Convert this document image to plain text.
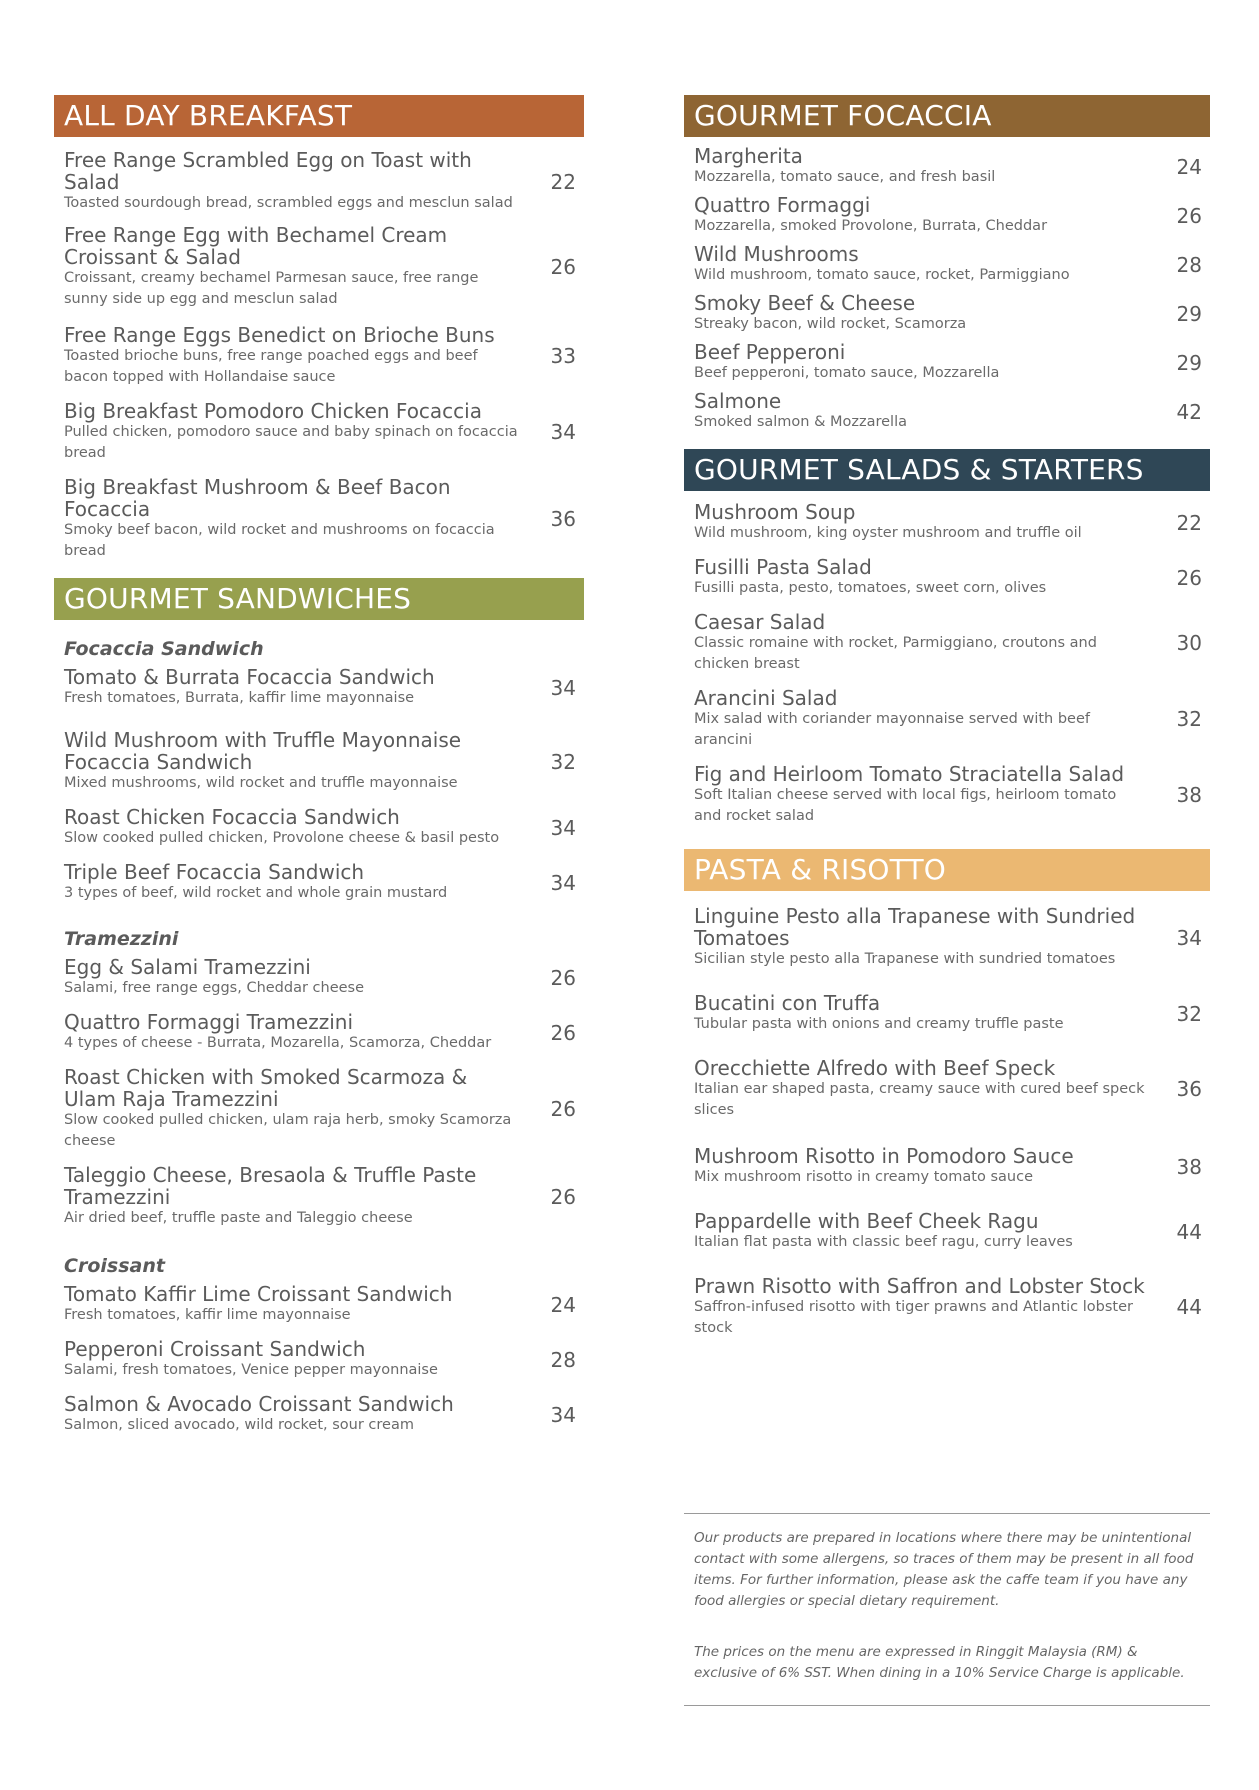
ALL DAY BREAKFAST
Free Range Scrambled Egg on Toast with Salad
Toasted sourdough bread, scrambled eggs and mesclun salad
22
Free Range Egg with Bechamel Cream Croissant & Salad
Croissant, creamy bechamel Parmesan sauce, free range sunny side up egg and mesclun salad
26
Free Range Eggs Benedict on Brioche Buns
Toasted brioche buns, free range poached eggs and beef bacon topped with Hollandaise sauce
33
Big Breakfast Pomodoro Chicken Focaccia
Pulled chicken, pomodoro sauce and baby spinach on focaccia bread
34
Big Breakfast Mushroom & Beef Bacon Focaccia
Smoky beef bacon, wild rocket and mushrooms on focaccia bread
36
GOURMET SANDWICHES
Focaccia Sandwich
Tomato & Burrata Focaccia Sandwich
Fresh tomatoes, Burrata, kaffir lime mayonnaise	34
Wild Mushroom with Truffle Mayonnaise Focaccia Sandwich
Mixed mushrooms, wild rocket and truffle mayonnaise
32
Roast Chicken Focaccia Sandwich
Slow cooked pulled chicken, Provolone cheese & basil pesto	34
Triple Beef Focaccia Sandwich
3 types of beef, wild rocket and whole grain mustard	34
Tramezzini
Egg & Salami Tramezzini
Salami, free range eggs, Cheddar cheese	26
Quattro Formaggi Tramezzini
4 types of cheese - Burrata, Mozarella, Scamorza, Cheddar	26
Roast Chicken with Smoked Scarmoza & Ulam Raja Tramezzini
Slow cooked pulled chicken, ulam raja herb, smoky Scamorza cheese
26
Taleggio Cheese, Bresaola & Truffle Paste Tramezzini
Air dried beef, truffle paste and Taleggio cheese
26
Croissant
Tomato Kaffir Lime Croissant Sandwich
Fresh tomatoes, kaffir lime mayonnaise	24
Pepperoni Croissant Sandwich
Salami, fresh tomatoes, Venice pepper mayonnaise	28
Salmon & Avocado Croissant Sandwich
Salmon, sliced avocado, wild rocket, sour cream	34
GOURMET FOCACCIA
Margherita
Mozzarella, tomato sauce, and fresh basil	24
Quattro Formaggi
Mozzarella, smoked Provolone, Burrata, Cheddar	26
Wild Mushrooms
Wild mushroom, tomato sauce, rocket, Parmiggiano	28
Smoky Beef & Cheese
Streaky bacon, wild rocket, Scamorza	29
Beef Pepperoni
Beef pepperoni, tomato sauce, Mozzarella	29
Salmone
Smoked salmon & Mozzarella	42
GOURMET SALADS & STARTERS
Mushroom Soup
Wild mushroom, king oyster mushroom and truffle oil	22
Fusilli Pasta Salad
Fusilli pasta, pesto, tomatoes, sweet corn, olives	26
Caesar Salad
Classic romaine with rocket, Parmiggiano, croutons and chicken breast
30
Arancini Salad
Mix salad with coriander mayonnaise served with beef arancini
32
Fig and Heirloom Tomato Straciatella Salad
Soft Italian cheese served with local figs, heirloom tomato and rocket salad
38
PASTA & RISOTTO
Linguine Pesto alla Trapanese with Sundried Tomatoes
Sicilian style pesto alla Trapanese with sundried tomatoes
34
Bucatini con Truffa
Tubular pasta with onions and creamy truffle paste	32
Orecchiette Alfredo with Beef Speck
Italian ear shaped pasta, creamy sauce with cured beef speck slices
36
Mushroom Risotto in Pomodoro Sauce
Mix mushroom risotto in creamy tomato sauce	38
Pappardelle with Beef Cheek Ragu
Italian flat pasta with classic beef ragu, curry leaves	44
Prawn Risotto with Saffron and Lobster Stock
Saffron-infused risotto with tiger prawns and Atlantic lobster stock
44

Our products are prepared in locations where there may be unintentional contact with some allergens, so traces of them may be present in all food items. For further information, please ask the caffe team if you have any food allergies or special dietary requirement.

The prices on the menu are expressed in Ringgit Malaysia (RM) & exclusive of 6% SST. When dining in a 10% Service Charge is applicable.
